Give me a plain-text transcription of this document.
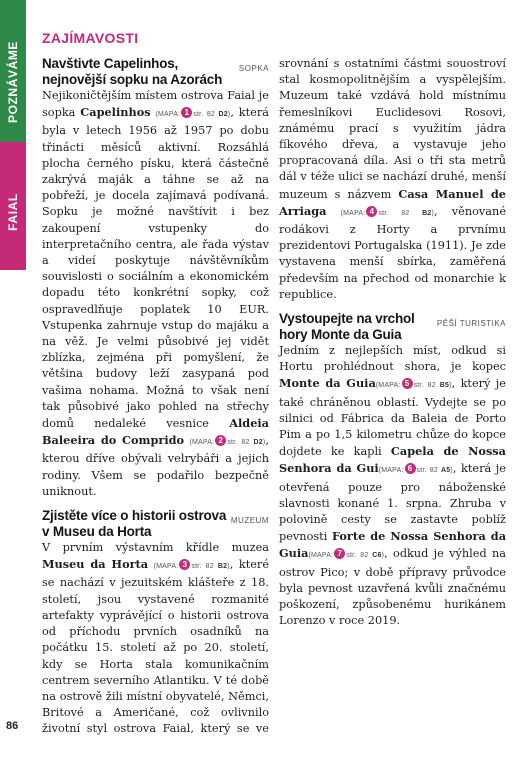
POZNÁVÁME
FAIAL
86
ZAJÍMAVOSTI
SOPKA
Navštivte Capelinhos, nejnovější sopku na Azorách

Nejikoničtějším místem ostrova Faial je sopka Capelinhos (MAPA: 1 str. 82 D2), která byla v letech 1956 až 1957 po dobu třinácti měsíců aktivní. Rozsáhlá plocha černého písku, která částečně zakrývá maják a táhne se až na pobřeží, je docela zajímavá podívaná. Sopku je možné navštívit i bez zakoupení vstupenky do interpretačního centra, ale řada výstav a videí poskytuje návštěvníkům souvislosti o sociálním a ekonomickém dopadu této konkrétní sopky, což ospravedlňuje poplatek 10 EUR. Vstupenka zahrnuje vstup do majáku a na věž. Je velmi působivé jej vidět zblízka, zejména při pomyšlení, že většina budovy leží zasypaná pod vašima nohama. Možná to však není tak působivé jako pohled na střechy domů nedaleké vesnice Aldeia Baleeira do Comprido (MAPA: 2 str. 82 D2), kterou dříve obývali velrybáři a jejich rodiny. Všem se podařilo bezpečně uniknout.

MUZEUM
Zjistěte více o historii ostrova v Museu da Horta

V prvním výstavním křídle muzea Museu da Horta (MAPA: 3 str. 82 B2), které se nachází v jezuitském klášteře z 18. století, jsou vystavené rozmanité artefakty vyprávějící o historii ostrova od příchodu prvních osadníků na počátku 15. století až po 20. století, kdy se Horta stala komunikačním centrem severního Atlantiku. V té době na ostrově žili místní obyvatelé, Němci, Britové a Američané, což ovlivnilo životní styl ostrova Faial, který se ve srovnání s ostatními částmi souostroví stal kosmopolitnějším a vyspělejším. Muzeum také vzdává hold místnímu řemeslníkovi Euclidesovi Rosovi, známému prací s využitím jádra fíkového dřeva, a vystavuje jeho propracovaná díla. Asi o tři sta metrů dál v téže ulici se nachází druhé, menší muzeum s názvem Casa Manuel de Arriaga (MAPA: 4 str. 82 B2), věnované rodákovi z Horty a prvnímu prezidentovi Portugalska (1911). Je zde vystavena menší sbírka, zaměřená především na přechod od monarchie k republice.

PĚŠÍ TURISTIKA
Vystoupejte na vrchol hory Monte da Guia

Jedním z nejlepších míst, odkud si Hortu prohlédnout shora, je kopec Monte da Guia(MAPA: 5 str. 82 B5), který je také chráněnou oblastí. Vydejte se po silnici od Fábrica da Baleia de Porto Pim a po 1,5 kilometru chůze do kopce dojdete ke kapli Capela de Nossa Senhora da Gui(MAPA: 6 str. 82 A5), která je otevřená pouze pro náboženské slavnosti konané 1. srpna. Zhruba v polovině cesty se zastavte poblíž pevnosti Forte de Nossa Senhora da Guia(MAPA: 7 str. 82 C6), odkud je výhled na ostrov Pico; v době přípravy průvodce byla pevnost uzavřená kvůli značnému poškození, způsobenému hurikánem Lorenzo v roce 2019.
